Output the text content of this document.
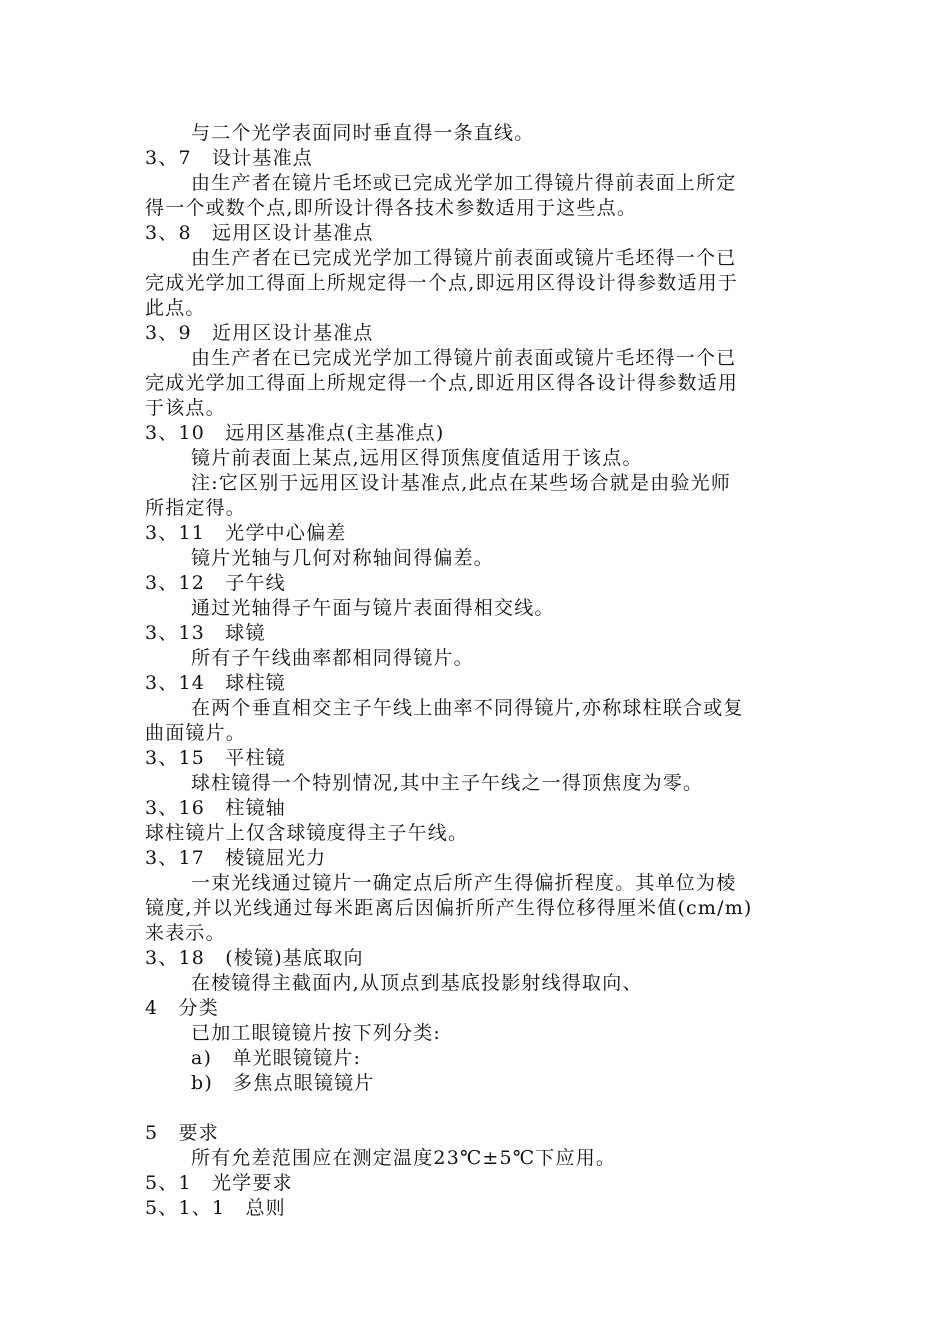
与二个光学表面同时垂直得一条直线。
3、7　设计基准点
由生产者在镜片毛坯或已完成光学加工得镜片得前表面上所定
得一个或数个点,即所设计得各技术参数适用于这些点。
3、8　远用区设计基准点
由生产者在已完成光学加工得镜片前表面或镜片毛坯得一个已
完成光学加工得面上所规定得一个点,即远用区得设计得参数适用于
此点。
3、9　近用区设计基准点
由生产者在已完成光学加工得镜片前表面或镜片毛坯得一个已
完成光学加工得面上所规定得一个点,即近用区得各设计得参数适用
于该点。
3、10　远用区基准点(主基准点)
镜片前表面上某点,远用区得顶焦度值适用于该点。
注:它区别于远用区设计基准点,此点在某些场合就是由验光师
所指定得。
3、11　光学中心偏差
镜片光轴与几何对称轴间得偏差。
3、12　子午线
通过光轴得子午面与镜片表面得相交线。
3、13　球镜
所有子午线曲率都相同得镜片。
3、14　球柱镜
在两个垂直相交主子午线上曲率不同得镜片,亦称球柱联合或复
曲面镜片。
3、15　平柱镜
球柱镜得一个特别情况,其中主子午线之一得顶焦度为零。
3、16　柱镜轴
球柱镜片上仅含球镜度得主子午线。
3、17　棱镜屈光力
一束光线通过镜片一确定点后所产生得偏折程度。其单位为棱
镜度,并以光线通过每米距离后因偏折所产生得位移得厘米值(cm/m)
来表示。
3、18　(棱镜)基底取向
在棱镜得主截面内,从顶点到基底投影射线得取向、
4　分类
已加工眼镜镜片按下列分类:
a)　单光眼镜镜片:
b)　多焦点眼镜镜片
5　要求
所有允差范围应在测定温度23℃±5℃下应用。
5、1　光学要求
5、1、1　总则
